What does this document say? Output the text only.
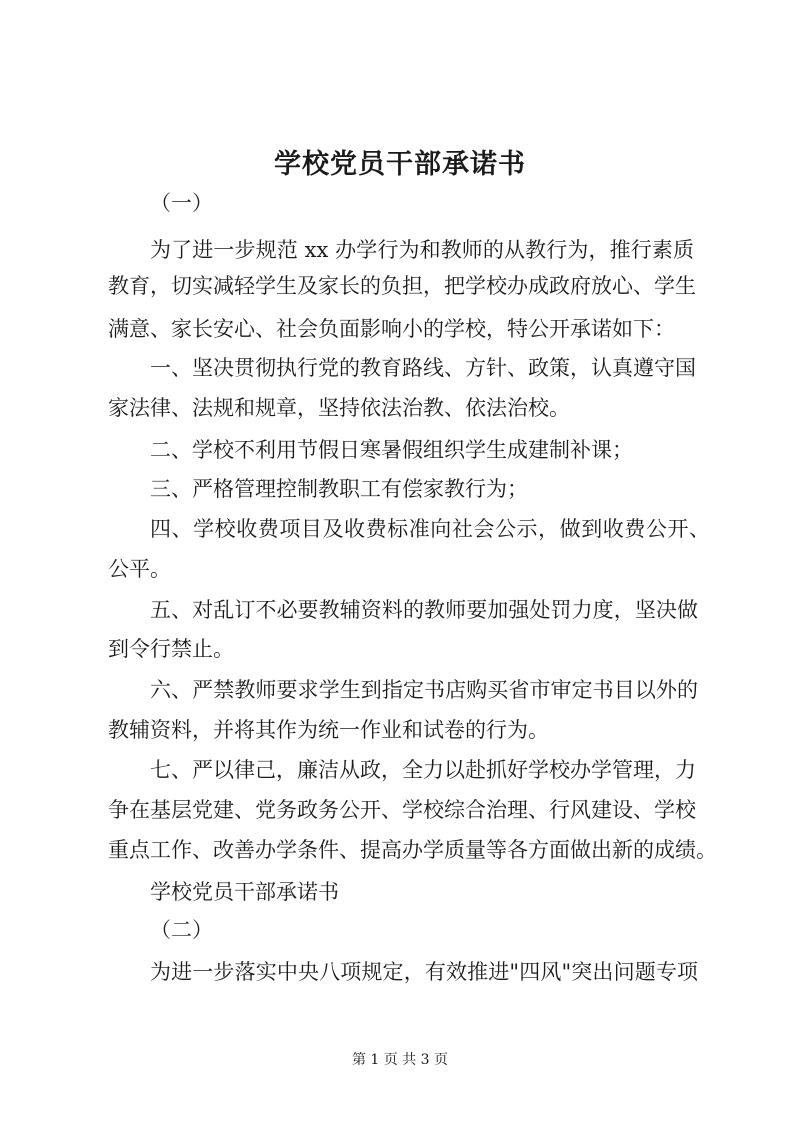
学校党员干部承诺书
（一）
为了进一步规范 xx 办学行为和教师的从教行为，推行素质
教育，切实减轻学生及家长的负担，把学校办成政府放心、学生
满意、家长安心、社会负面影响小的学校，特公开承诺如下：
一、坚决贯彻执行党的教育路线、方针、政策，认真遵守国
家法律、法规和规章，坚持依法治教、依法治校。
二、学校不利用节假日寒暑假组织学生成建制补课；
三、严格管理控制教职工有偿家教行为；
四、学校收费项目及收费标准向社会公示，做到收费公开、
公平。
五、对乱订不必要教辅资料的教师要加强处罚力度，坚决做
到令行禁止。
六、严禁教师要求学生到指定书店购买省市审定书目以外的
教辅资料，并将其作为统一作业和试卷的行为。
七、严以律己，廉洁从政，全力以赴抓好学校办学管理，力
争在基层党建、党务政务公开、学校综合治理、行风建设、学校
重点工作、改善办学条件、提高办学质量等各方面做出新的成绩。
学校党员干部承诺书
（二）
为进一步落实中央八项规定，有效推进"四风"突出问题专项
第 1 页 共 3 页
